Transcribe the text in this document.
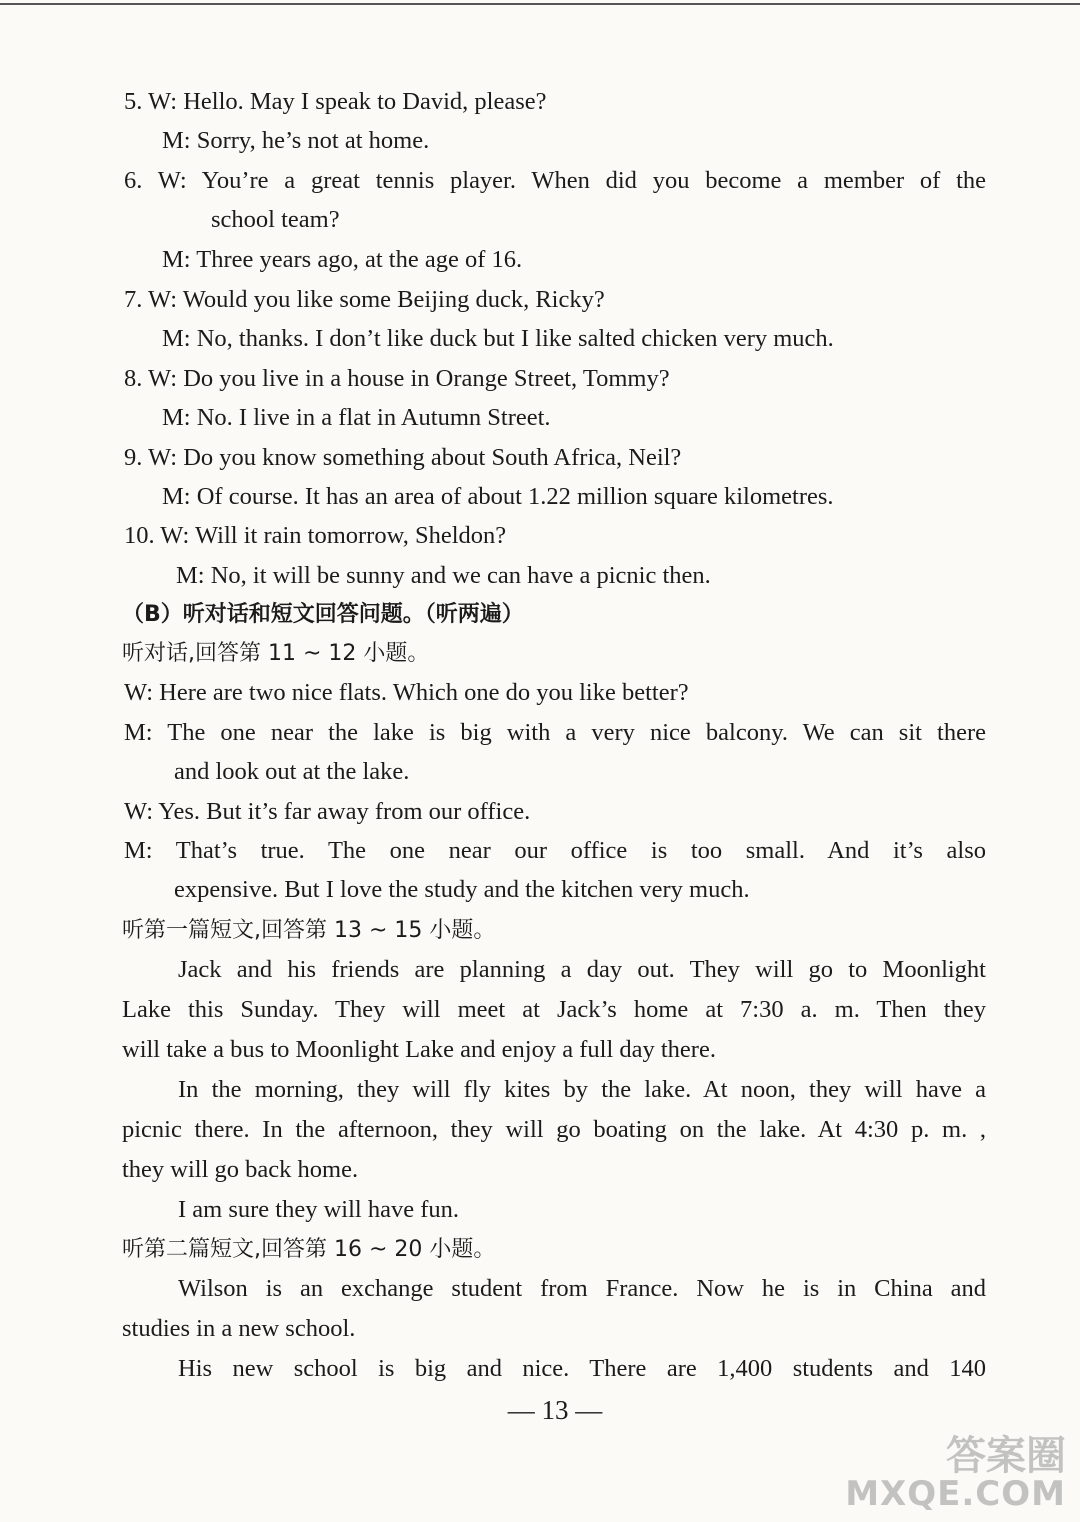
5. W: Hello. May I speak to David, please?
M: Sorry, he’s not at home.
6. W: You’re a great tennis player. When did you become a member of the
school team?
M: Three years ago, at the age of 16.
7. W: Would you like some Beijing duck, Ricky?
M: No, thanks. I don’t like duck but I like salted chicken very much.
8. W: Do you live in a house in Orange Street, Tommy?
M: No. I live in a flat in Autumn Street.
9. W: Do you know something about South Africa, Neil?
M: Of course. It has an area of about 1.22 million square kilometres.
10. W: Will it rain tomorrow, Sheldon?
M: No, it will be sunny and we can have a picnic then.
（B）听对话和短文回答问题。（听两遍）
听对话,回答第 11 ~ 12 小题。
W: Here are two nice flats. Which one do you like better?
M: The one near the lake is big with a very nice balcony. We can sit there
and look out at the lake.
W: Yes. But it’s far away from our office.
M: That’s true. The one near our office is too small. And it’s also
expensive. But I love the study and the kitchen very much.
听第一篇短文,回答第 13 ~ 15 小题。
Jack and his friends are planning a day out. They will go to Moonlight
Lake this Sunday. They will meet at Jack’s home at 7:30 a. m. Then they
will take a bus to Moonlight Lake and enjoy a full day there.
In the morning, they will fly kites by the lake. At noon, they will have a
picnic there. In the afternoon, they will go boating on the lake. At 4:30 p. m. ,
they will go back home.
I am sure they will have fun.
听第二篇短文,回答第 16 ~ 20 小题。
Wilson is an exchange student from France. Now he is in China and
studies in a new school.
His new school is big and nice. There are 1,400 students and 140
— 13 —
答案圈
MXQE.COM
